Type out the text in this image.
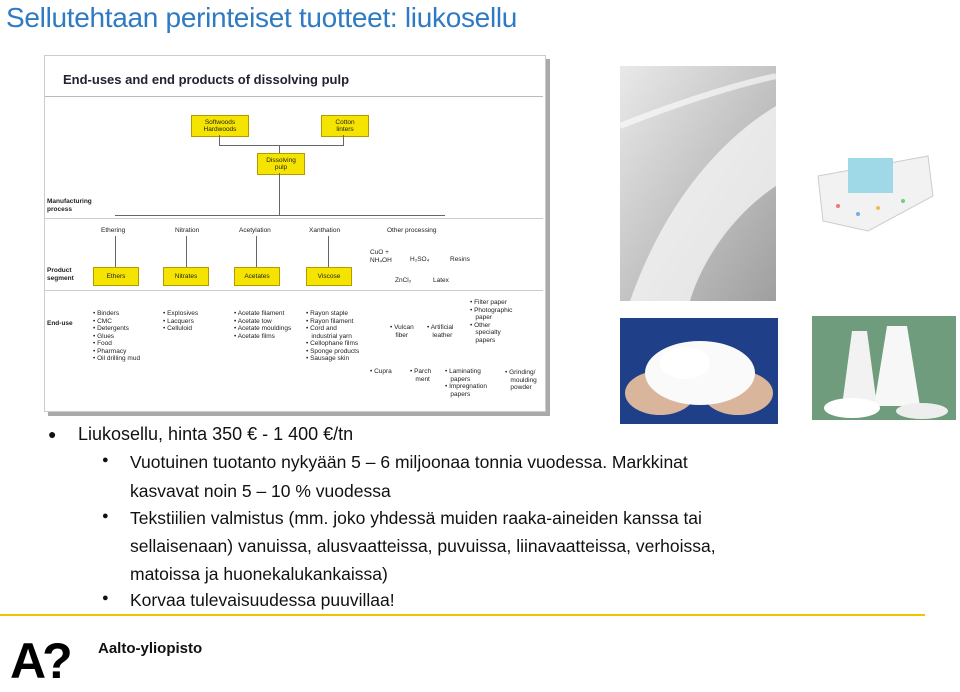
Sellutehtaan perinteiset tuotteet: liukosellu
End-uses and end products of dissolving pulp
Softwoods
Hardwoods
Cotton
linters
Dissolving
pulp
Manufacturing
process
Ethering	Nitration	Acetylation	Xanthation	Other processing
CuO +
NH₄OH	H₂SO₄	Resins
ZnCl₂	Latex
Product
segment	Ethers	Nitrates	Acetates	Viscose
End-use
• Binders
• CMC
• Detergents
• Glues
• Food
• Pharmacy
• Oil drilling mud
• Explosives
• Lacquers
• Celluloid
• Acetate filament
• Acetate tow
• Acetate mouldings
• Acetate films
• Rayon staple
• Rayon filament
• Cord and
industrial yarn
• Cellophane films
• Sponge products
• Sausage skin
• Filter paper
• Photographic
paper
• Other
specialty
papers
• Vulcan
fiber
• Artificial
leather
• Cupra	• Parch
ment
• Laminating
papers
• Impregnation
papers
• Grinding/
moulding
powder
● Liukosellu, hinta 350 € - 1 400 €/tn
● Vuotuinen tuotanto nykyään 5 – 6 miljoonaa tonnia vuodessa. Markkinat
kasvavat noin 5 – 10 % vuodessa
● Tekstiilien valmistus (mm. joko yhdessä muiden raaka-aineiden kanssa tai
sellaisenaan) vanuissa, alusvaatteissa, puvuissa, liinavaatteissa, verhoissa,
matoissa ja huonekalukankaissa)
● Korvaa tulevaisuudessa puuvillaa!
A? Aalto-yliopisto
